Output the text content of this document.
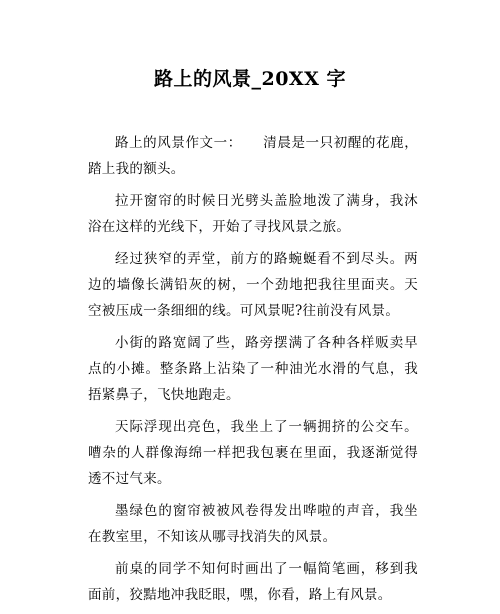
路上的风景_20XX 字

路上的风景作文一：　　清晨是一只初醒的花鹿，踏上我的额头。

拉开窗帘的时候日光劈头盖脸地泼了满身，我沐浴在这样的光线下，开始了寻找风景之旅。

经过狭窄的弄堂，前方的路蜿蜒看不到尽头。两边的墙像长满铅灰的树，一个劲地把我往里面夹。天空被压成一条细细的线。可风景呢?往前没有风景。

小街的路宽阔了些，路旁摆满了各种各样贩卖早点的小摊。整条路上沾染了一种油光水滑的气息，我捂紧鼻子，飞快地跑走。

天际浮现出亮色，我坐上了一辆拥挤的公交车。嘈杂的人群像海绵一样把我包裹在里面，我逐渐觉得透不过气来。

墨绿色的窗帘被被风卷得发出哗啦的声音，我坐在教室里，不知该从哪寻找消失的风景。

前桌的同学不知何时画出了一幅简笔画，移到我面前，狡黠地冲我眨眼，嘿，你看，路上有风景。
